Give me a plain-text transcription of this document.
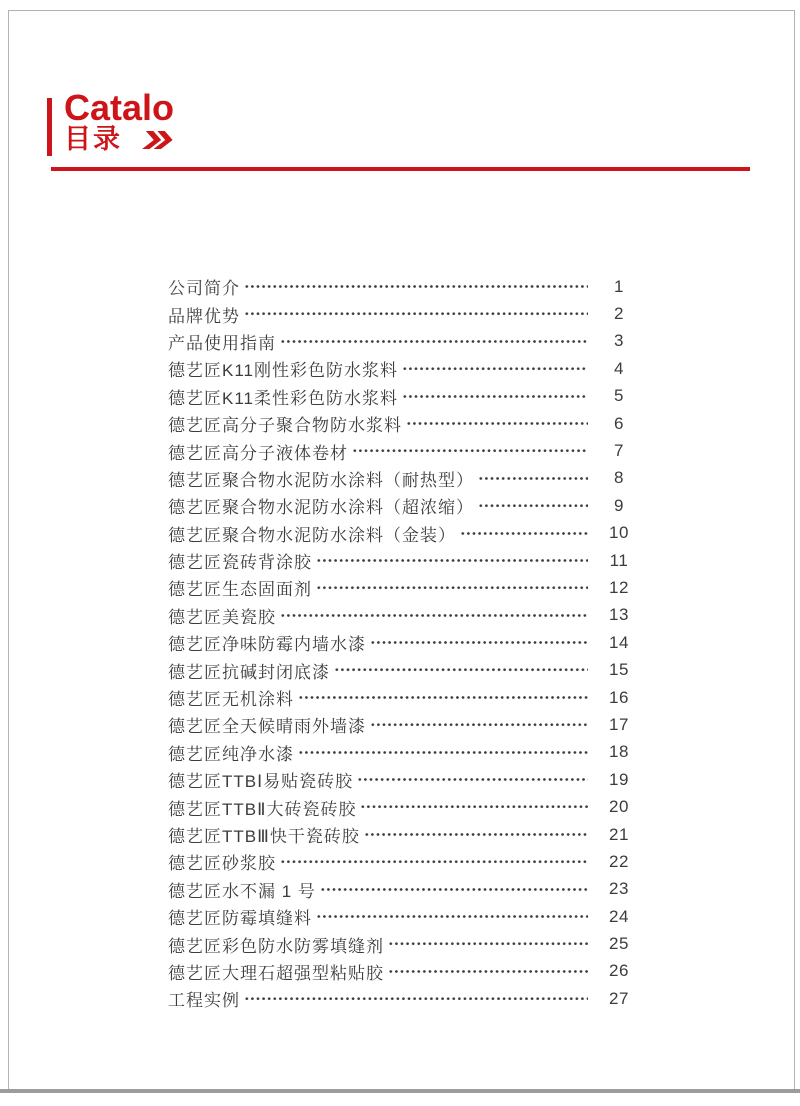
Catalo
目录
公司简介	1
品牌优势	2
产品使用指南	3
德艺匠K11刚性彩色防水浆料	4
德艺匠K11柔性彩色防水浆料	5
德艺匠高分子聚合物防水浆料	6
德艺匠高分子液体卷材	7
德艺匠聚合物水泥防水涂料（耐热型）	8
德艺匠聚合物水泥防水涂料（超浓缩）	9
德艺匠聚合物水泥防水涂料（金装）	10
德艺匠瓷砖背涂胶	11
德艺匠生态固面剂	12
德艺匠美瓷胶	13
德艺匠净味防霉内墙水漆	14
德艺匠抗碱封闭底漆	15
德艺匠无机涂料	16
德艺匠全天候晴雨外墙漆	17
德艺匠纯净水漆	18
德艺匠TTBⅠ易贴瓷砖胶	19
德艺匠TTBⅡ大砖瓷砖胶	20
德艺匠TTBⅢ快干瓷砖胶	21
德艺匠砂浆胶	22
德艺匠水不漏 1 号	23
德艺匠防霉填缝料	24
德艺匠彩色防水防雾填缝剂	25
德艺匠大理石超强型粘贴胶	26
工程实例	27
